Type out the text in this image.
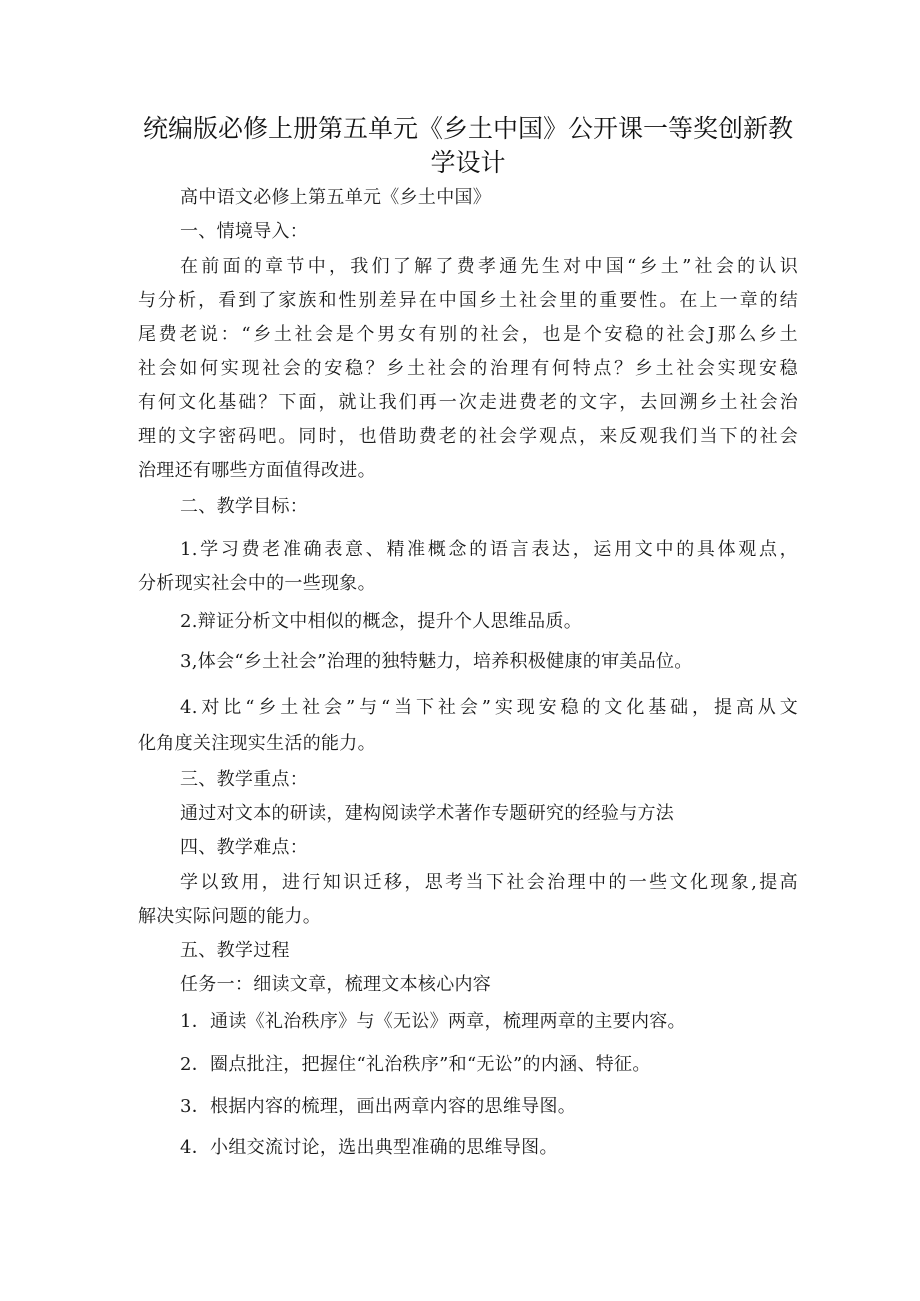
统编版必修上册第五单元《乡土中国》公开课一等奖创新教
学设计
高中语文必修上第五单元《乡土中国》
一、情境导入：
在前面的章节中，我们了解了费孝通先生对中国“乡土”社会的认识
与分析，看到了家族和性别差异在中国乡土社会里的重要性。在上一章的结
尾费老说：“乡土社会是个男女有别的社会，也是个安稳的社会J那么乡土
社会如何实现社会的安稳？乡土社会的治理有何特点？乡土社会实现安稳
有何文化基础？下面，就让我们再一次走进费老的文字，去回溯乡土社会治
理的文字密码吧。同时，也借助费老的社会学观点，来反观我们当下的社会
治理还有哪些方面值得改进。
二、教学目标：
1.学习费老准确表意、精准概念的语言表达，运用文中的具体观点，
分析现实社会中的一些现象。
2.辩证分析文中相似的概念，提升个人思维品质。
3,体会“乡土社会”治理的独特魅力，培养积极健康的审美品位。
4.对比“乡土社会”与“当下社会”实现安稳的文化基础，提高从文
化角度关注现实生活的能力。
三、教学重点：
通过对文本的研读，建构阅读学术著作专题研究的经验与方法
四、教学难点：
学以致用，进行知识迁移，思考当下社会治理中的一些文化现象,提高
解决实际问题的能力。
五、教学过程
任务一：细读文章，梳理文本核心内容
1．通读《礼治秩序》与《无讼》两章，梳理两章的主要内容。
2．圈点批注，把握住“礼治秩序”和“无讼”的内涵、特征。
3．根据内容的梳理，画出两章内容的思维导图。
4．小组交流讨论，选出典型准确的思维导图。
